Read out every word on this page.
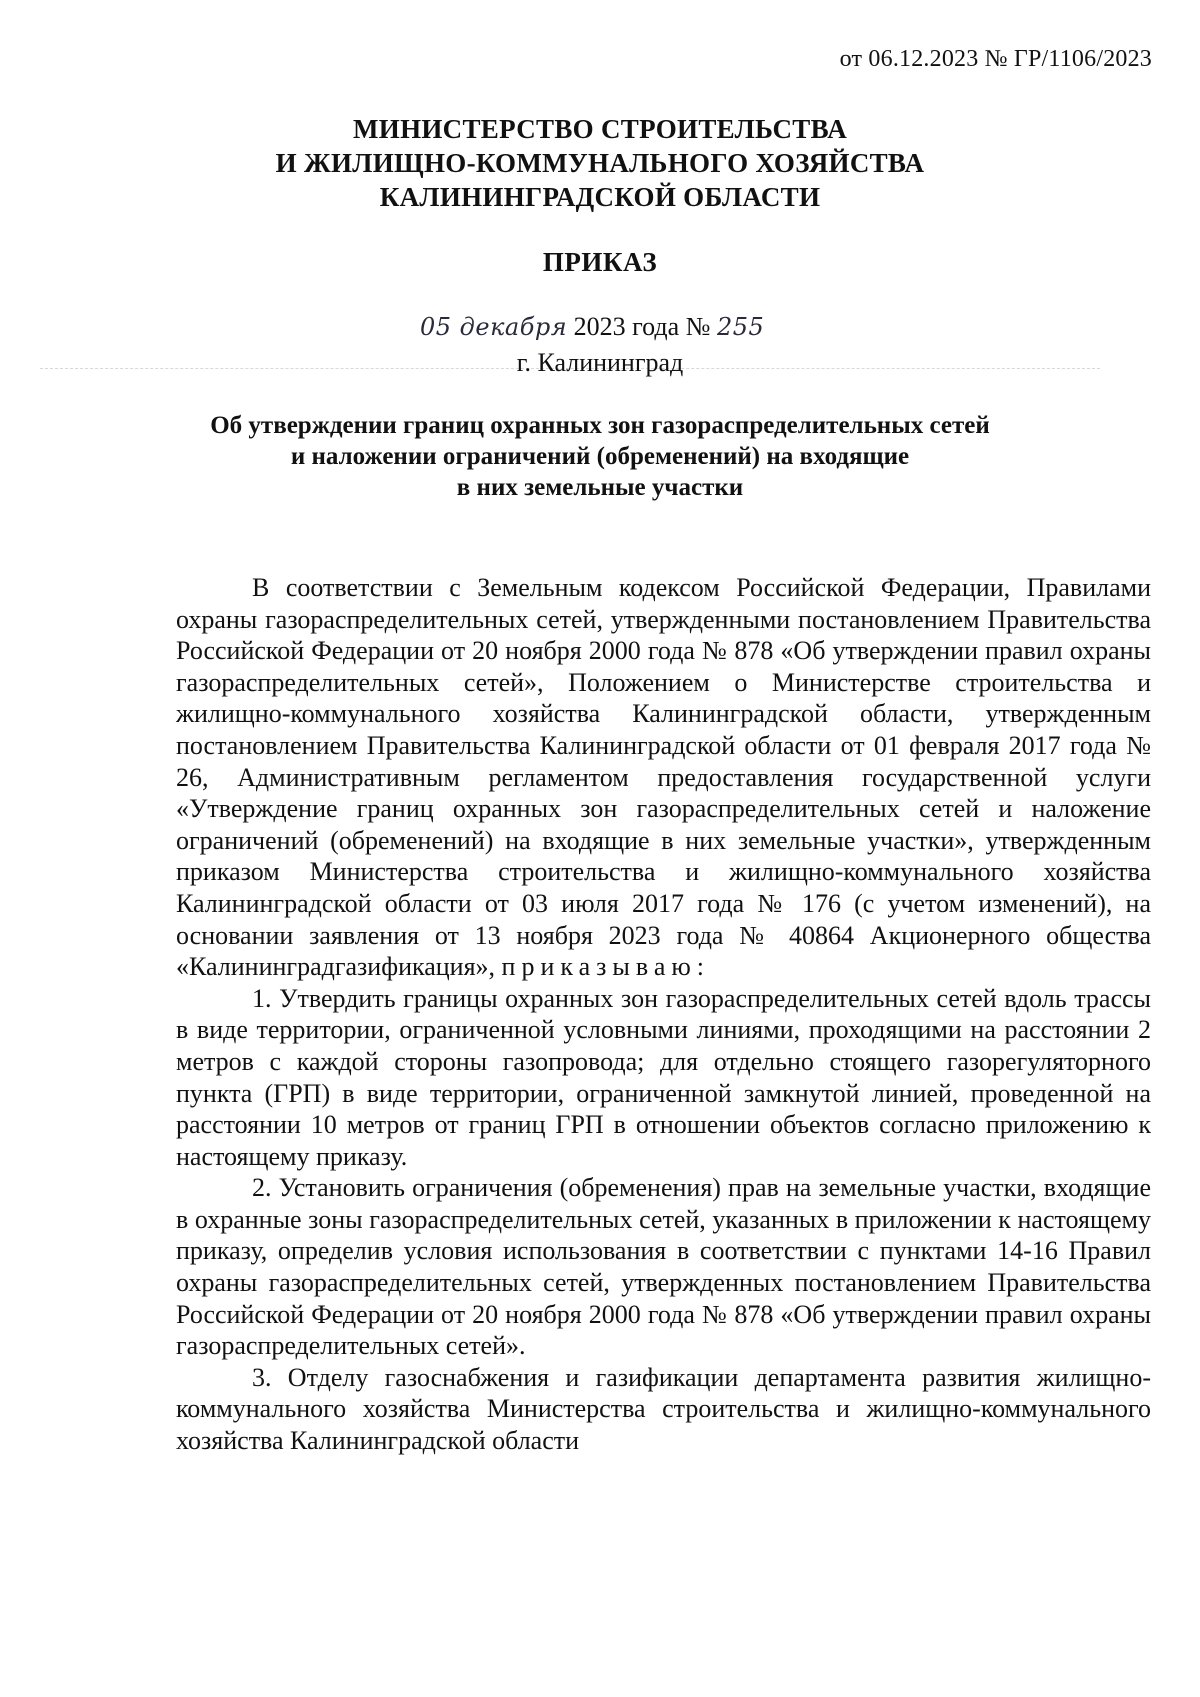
от 06.12.2023 № ГР/1106/2023
МИНИСТЕРСТВО СТРОИТЕЛЬСТВА
И ЖИЛИЩНО-КОММУНАЛЬНОГО ХОЗЯЙСТВА
КАЛИНИНГРАДСКОЙ ОБЛАСТИ
ПРИКАЗ
05 декабря 2023 года № 255
г. Калининград
Об утверждении границ охранных зон газораспределительных сетей
и наложении ограничений (обременений) на входящие
в них земельные участки

В соответствии с Земельным кодексом Российской Федерации, Правилами охраны газораспределительных сетей, утвержденными постановлением Правительства Российской Федерации от 20 ноября 2000 года № 878 «Об утверждении правил охраны газораспределительных сетей», Положением о Министерстве строительства и жилищно-коммунального хозяйства Калининградской области, утвержденным постановлением Правительства Калининградской области от 01 февраля 2017 года № 26, Административным регламентом предоставления государственной услуги «Утверждение границ охранных зон газораспределительных сетей и наложение ограничений (обременений) на входящие в них земельные участки», утвержденным приказом Министерства строительства и жилищно-коммунального хозяйства Калининградской области от 03 июля 2017 года № 176 (с учетом изменений), на основании заявления от 13 ноября 2023 года № 40864 Акционерного общества «Калининградгазификация», приказываю:

1. Утвердить границы охранных зон газораспределительных сетей вдоль трассы в виде территории, ограниченной условными линиями, проходящими на расстоянии 2 метров с каждой стороны газопровода; для отдельно стоящего газорегуляторного пункта (ГРП) в виде территории, ограниченной замкнутой линией, проведенной на расстоянии 10 метров от границ ГРП в отношении объектов согласно приложению к настоящему приказу.

2. Установить ограничения (обременения) прав на земельные участки, входящие в охранные зоны газораспределительных сетей, указанных в приложении к настоящему приказу, определив условия использования в соответствии с пунктами 14-16 Правил охраны газораспределительных сетей, утвержденных постановлением Правительства Российской Федерации от 20 ноября 2000 года № 878 «Об утверждении правил охраны газораспределительных сетей».

3. Отделу газоснабжения и газификации департамента развития жилищно-коммунального хозяйства Министерства строительства и жилищно-коммунального хозяйства Калининградской области
